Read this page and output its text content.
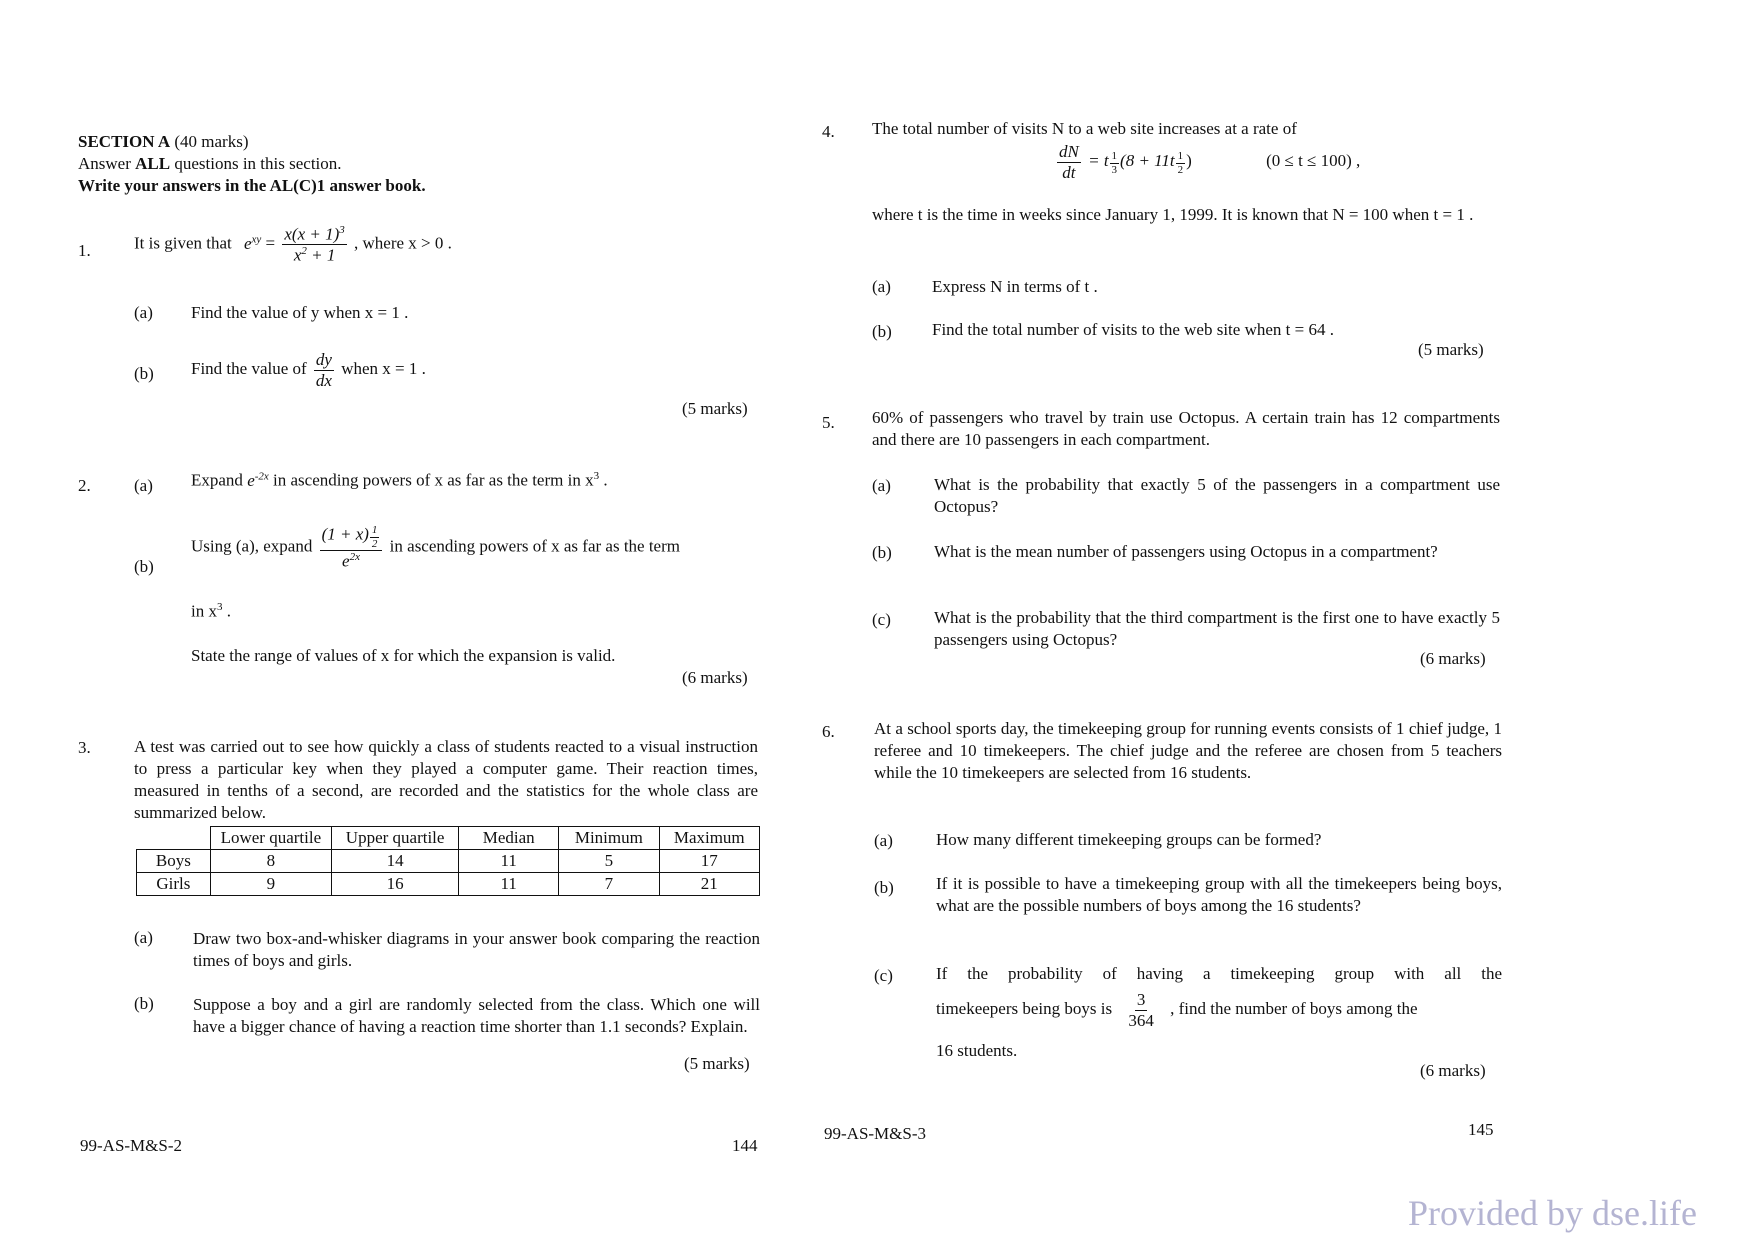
SECTION A (40 marks)
Answer ALL questions in this section.
Write your answers in the AL(C)1 answer book.
1.	It is given that $e^{xy} = \frac{x(x + 1)^3}{x^2 + 1}$ , where x > 0 .
(a) Find the value of y when x = 1 .
(b) Find the value of $\frac{dy}{dx}$ when x = 1 .
(5 marks)
2.	(a) Expand $e^{-2x}$ in ascending powers of x as far as the term in $x^3$ .
(b)
Using (a), expand $\frac{(1 + x) \frac{1}{2}}{e^{2x}}$ in ascending powers of x as far as the term
in $x^3$ .
State the range of values of x for which the expansion is valid.
(6 marks)
3.	A test was carried out to see how quickly a class of students reacted to a visual instruction to press a particular key when they played a computer game. Their reaction times, measured in tenths of a second, are recorded and the statistics for the whole class are summarized below.
	Lower quartile	Upper quartile	Median	Minimum	Maximum
Boys	8	14	11	5	17
Girls	9	16	11	7	21
(a) Draw two box-and-whisker diagrams in your answer book comparing the reaction times of boys and girls.
(b) Suppose a boy and a girl are randomly selected from the class. Which one will have a bigger chance of having a reaction time shorter than 1.1 seconds? Explain.
(5 marks)
99-AS-M&S-2	144
4. The total number of visits N to a web site increases at a rate of
$\frac{dN}{dt} = t \frac{1}{3} (8 + 11t \frac{1}{2}$ )	(0 ≤ t ≤ 100) ,
where t is the time in weeks since January 1, 1999. It is known that N = 100 when t = 1 .
(a) Express N in terms of t .
(b) Find the total number of visits to the web site when t = 64 .
(5 marks)
5. 60% of passengers who travel by train use Octopus. A certain train has 12 compartments and there are 10 passengers in each compartment.
(a)	What is the probability that exactly 5 of the passengers in a compartment use Octopus?
(b) What is the mean number of passengers using Octopus in a compartment?
(c)	What is the probability that the third compartment is the first one to have exactly 5 passengers using Octopus?
(6 marks)
6. At a school sports day, the timekeeping group for running events consists of 1 chief judge, 1 referee and 10 timekeepers. The chief judge and the referee are chosen from 5 teachers while the 10 timekeepers are selected from 16 students.
(a)	How many different timekeeping groups can be formed?
(b) If it is possible to have a timekeeping group with all the timekeepers being boys, what are the possible numbers of boys among the 16 students?
(c)	If the probability of having a timekeeping group with all the
timekeepers being boys is $\frac{3}{364}$ , find the number of boys among the
16 students.
(6 marks)
99-AS-M&S-3	145
Provided by dse.life
